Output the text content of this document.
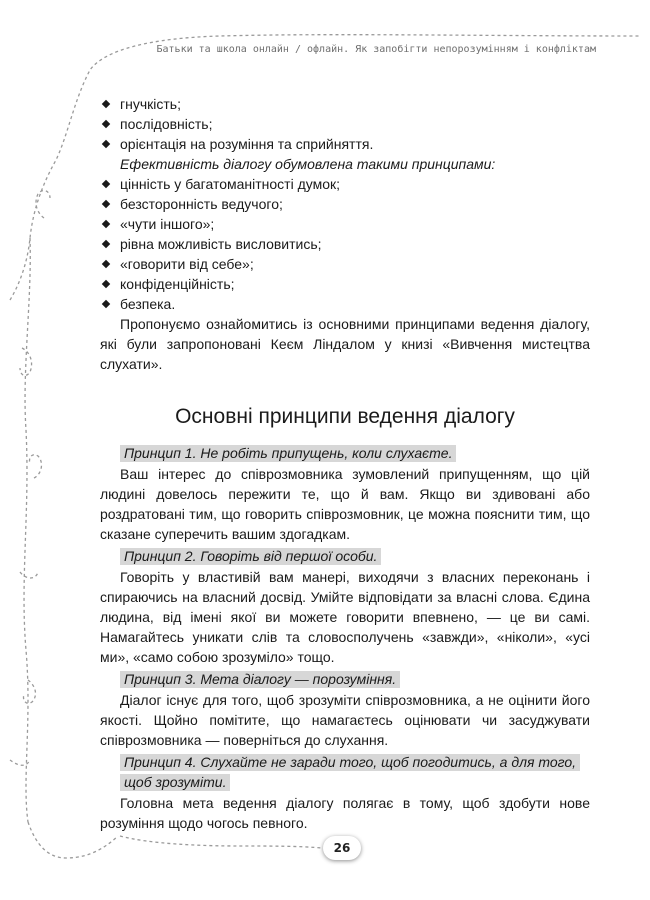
Батьки та школа онлайн / офлайн. Як запобігти непорозумінням і конфліктам
гнучкість;
послідовність;
орієнтація на розуміння та сприйняття.
Ефективність діалогу обумовлена такими принципами:
цінність у багатоманітності думок;
безсторонність ведучого;
«чути іншого»;
рівна можливість висловитись;
«говорити від себе»;
конфіденційність;
безпека.

Пропонуємо ознайомитись із основними принципами ведення діалогу, які були запропоновані Кеєм Ліндалом у книзі «Вивчення мистецтва слухати».

Основні принципи ведення діалогу
Принцип 1. Не робіть припущень, коли слухаєте.

Ваш інтерес до співрозмовника зумовлений припущенням, що цій людині довелось пережити те, що й вам. Якщо ви здивовані або роздратовані тим, що говорить співрозмовник, це можна пояснити тим, що сказане суперечить вашим здогадкам.

Принцип 2. Говоріть від першої особи.

Говоріть у властивій вам манері, виходячи з власних переконань і спираючись на власний досвід. Умійте відповідати за власні слова. Єдина людина, від імені якої ви можете говорити впевнено, — це ви самі. Намагайтесь уникати слів та словосполучень «завжди», «ніколи», «усі ми», «само собою зрозуміло» тощо.

Принцип 3. Мета діалогу — порозуміння.

Діалог існує для того, щоб зрозуміти співрозмовника, а не оцінити його якості. Щойно помітите, що намагаєтесь оцінювати чи засуджувати співрозмовника — поверніться до слухання.

Принцип 4. Слухайте не заради того, щоб погодитись, а для того, щоб зрозуміти.

Головна мета ведення діалогу полягає в тому, щоб здобути нове розуміння щодо чогось певного.

26
